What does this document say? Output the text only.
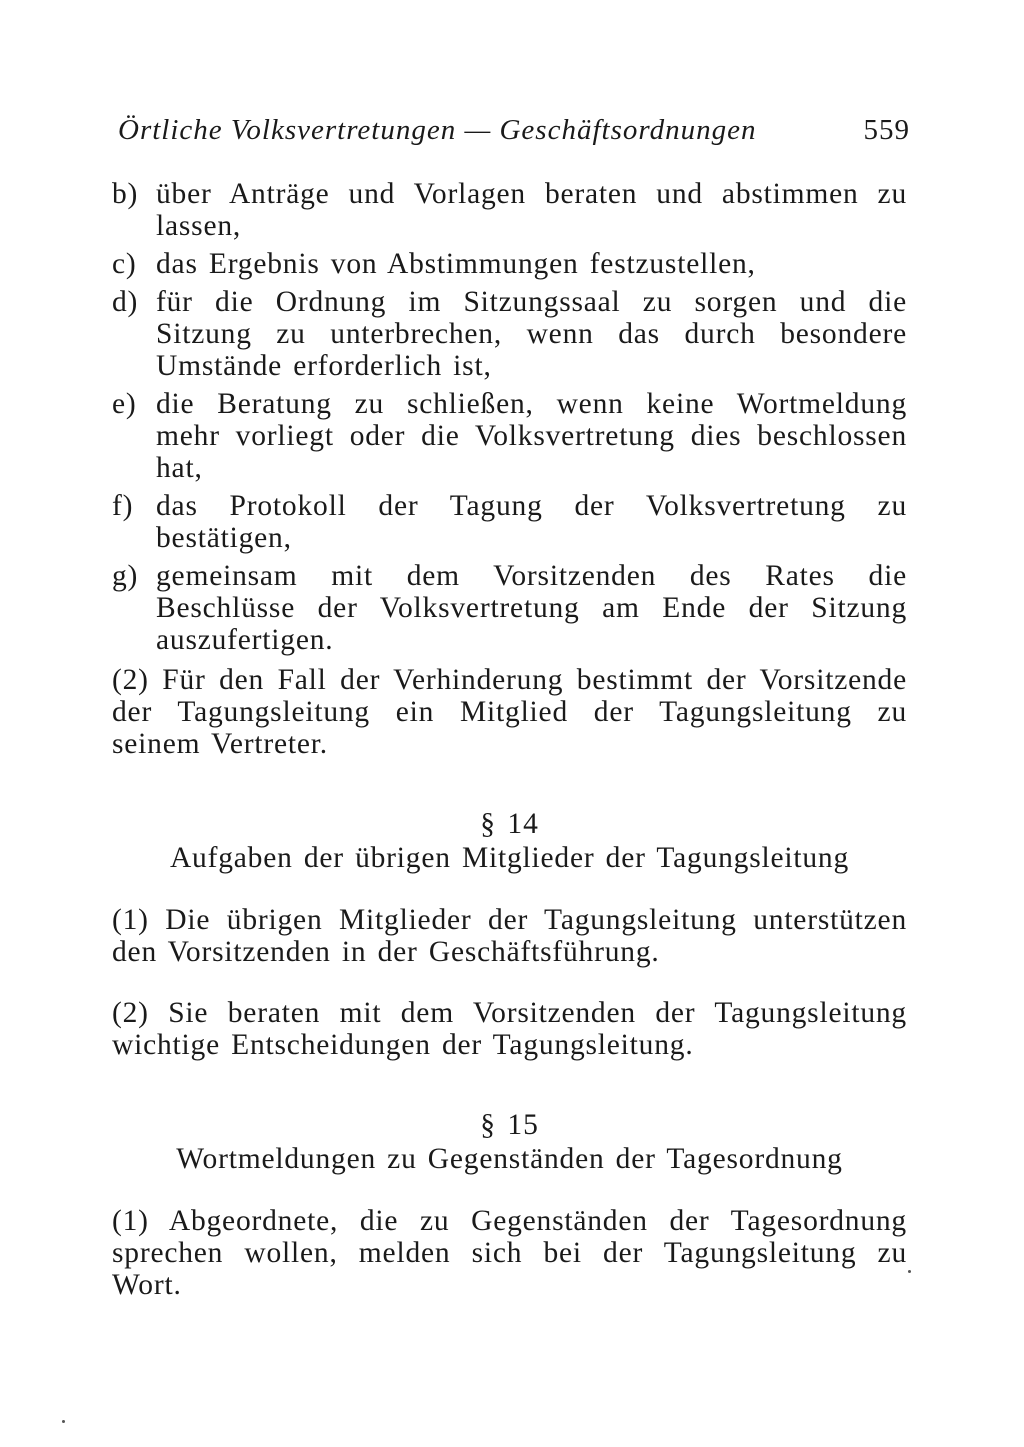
Örtliche Volksvertretungen — Geschäftsordnungen	559
b) über Anträge und Vorlagen beraten und abstimmen zu lassen,
c) das Ergebnis von Abstimmungen festzustellen,
d) für die Ordnung im Sitzungssaal zu sorgen und die Sitzung zu unterbrechen, wenn das durch besondere Umstände erforderlich ist,
e) die Beratung zu schließen, wenn keine Wortmeldung mehr vorliegt oder die Volksvertretung dies beschlossen hat,
f) das Protokoll der Tagung der Volksvertretung zu bestätigen,
g) gemeinsam mit dem Vorsitzenden des Rates die Beschlüsse der Volksvertretung am Ende der Sitzung auszufertigen.

(2) Für den Fall der Verhinderung bestimmt der Vorsitzende der Tagungsleitung ein Mitglied der Tagungsleitung zu seinem Vertreter.

§ 14
Aufgaben der übrigen Mitglieder der Tagungsleitung

(1) Die übrigen Mitglieder der Tagungsleitung unterstützen den Vorsitzenden in der Geschäftsführung.

(2) Sie beraten mit dem Vorsitzenden der Tagungsleitung wichtige Entscheidungen der Tagungsleitung.

§ 15
Wortmeldungen zu Gegenständen der Tagesordnung

(1) Abgeordnete, die zu Gegenständen der Tagesordnung sprechen wollen, melden sich bei der Tagungsleitung zu Wort.
